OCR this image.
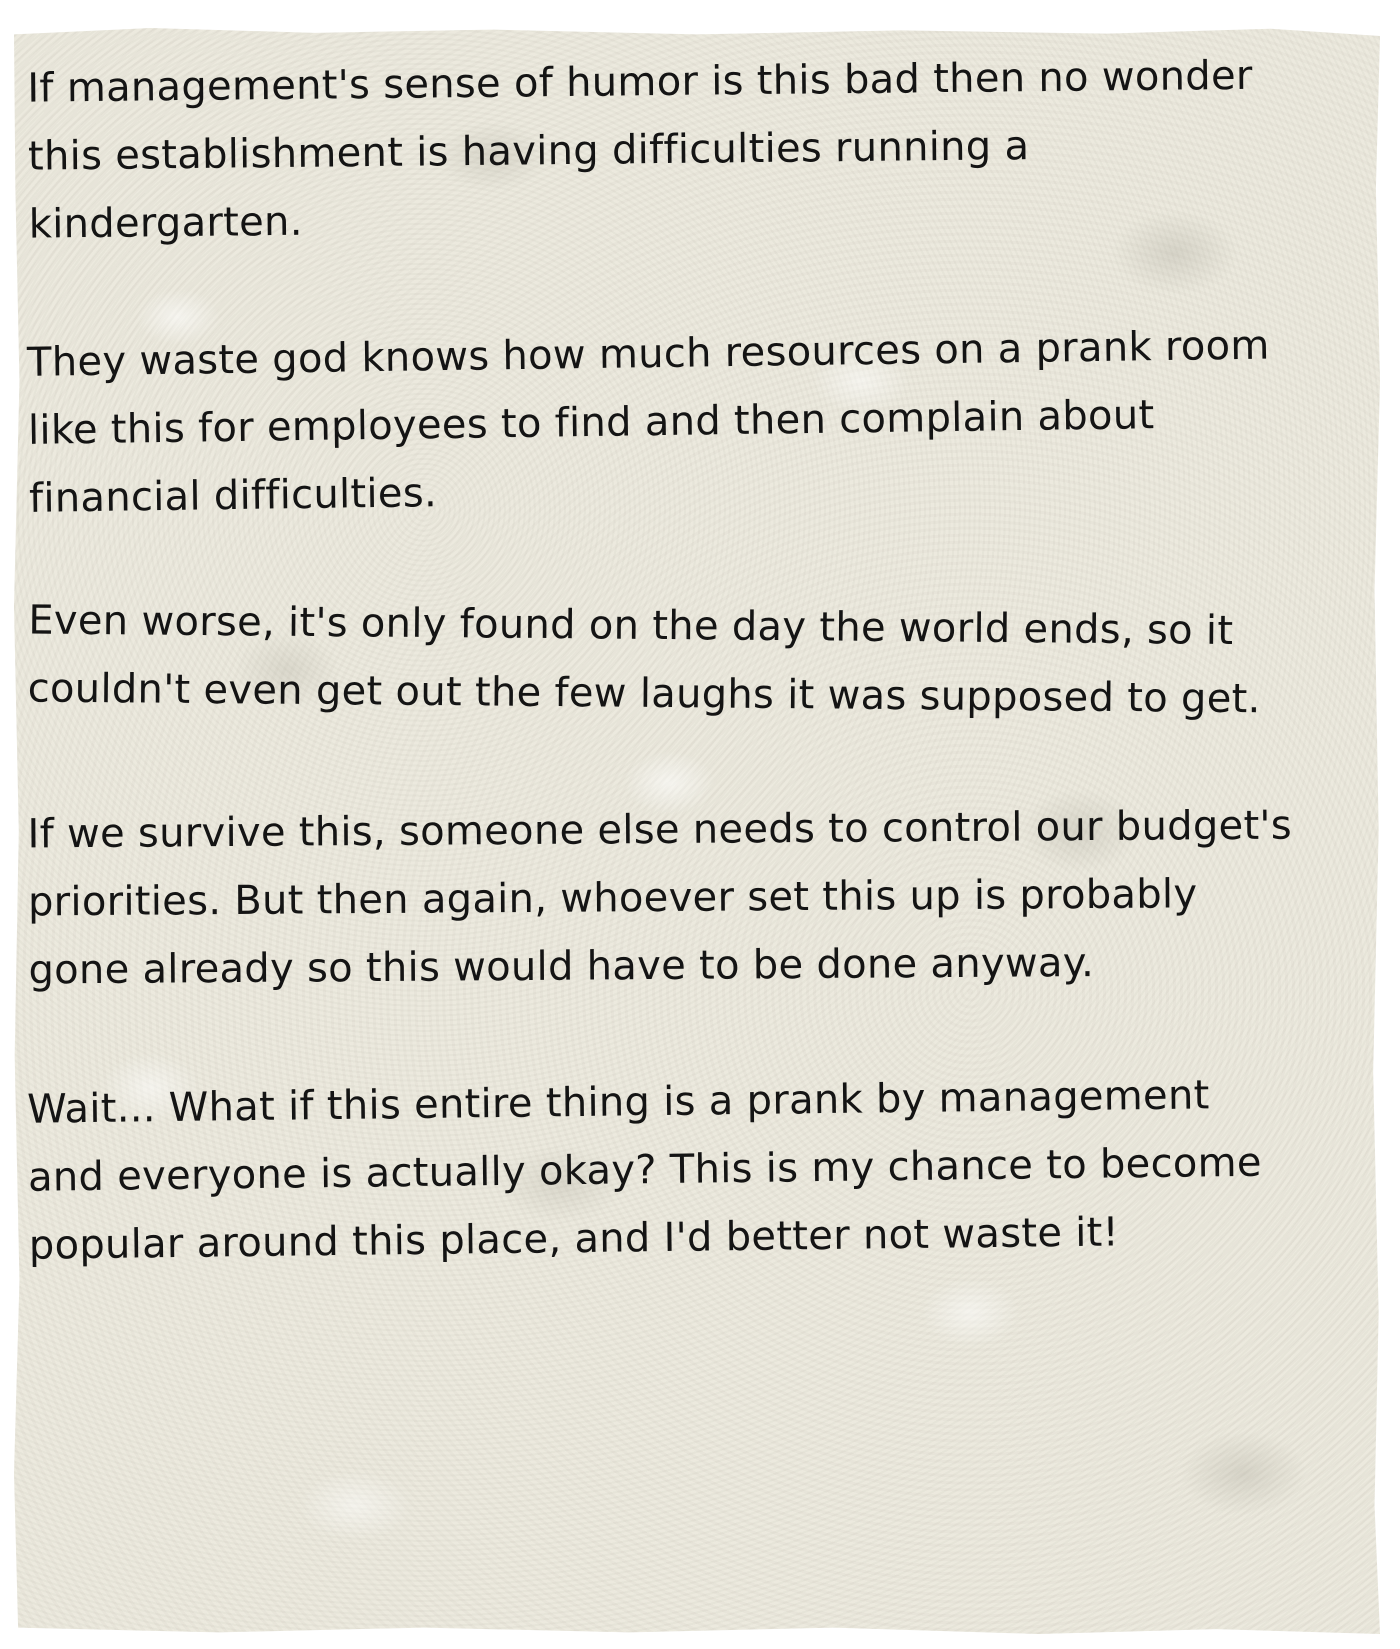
If management's sense of humor is this bad then no wonder this establishment is having difficulties running a kindergarten.

They waste god knows how much resources on a prank room like this for employees to find and then complain about financial difficulties.

Even worse, it's only found on the day the world ends, so it couldn't even get out the few laughs it was supposed to get.

If we survive this, someone else needs to control our budget's priorities. But then again, whoever set this up is probably gone already so this would have to be done anyway.

Wait... What if this entire thing is a prank by management and everyone is actually okay? This is my chance to become popular around this place, and I'd better not waste it!
